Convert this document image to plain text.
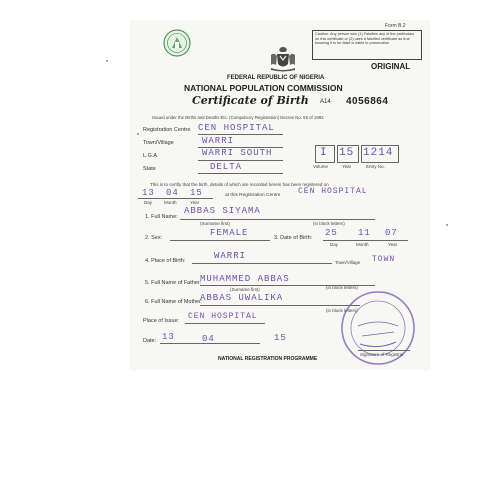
Form B.2
Caution: Any person who (1) Falsifies any of the particulars on this certificate or (2) uses a falsified certificate as true knowing it to be false is liable to prosecution
ORIGINAL
FEDERAL REPUBLIC OF NIGERIA
NATIONAL POPULATION COMMISSION
Certificate of Birth A14 4056864
Issued under the Births and Deaths Etc. (Compulsory Registration) Decree No. 69 of 1992
Registration Centre CEN HOSPITAL
Town/Village	WARRI
L.G.A	WARRI SOUTH
State	DELTA
I 15 1214
Volume	Year	Entry No.
This is to certify that the birth, details of which are recorded herein has been registered on
13 04 15
Day	Month	Year
at this Registration Centre CEN HOSPITAL
1. Full Name:
ABBAS SIYAMA
(Surname first)	(in block letters)
2. Sex:	FEMALE	3. Date of Birth: 25 11 07
Day	Month	Year
4. Place of Birth:	WARRI	TOWN
Town/Village
5. Full Name of Father:
MUHAMMED ABBAS
(Surname first)	(in block letters)
6. Full Name of Mother:
ABBAS UWALIKA
(in block letters)
Place of Issue: CEN HOSPITAL
Date: 13	04	15
Signature of Registrar
NATIONAL REGISTRATION PROGRAMME
